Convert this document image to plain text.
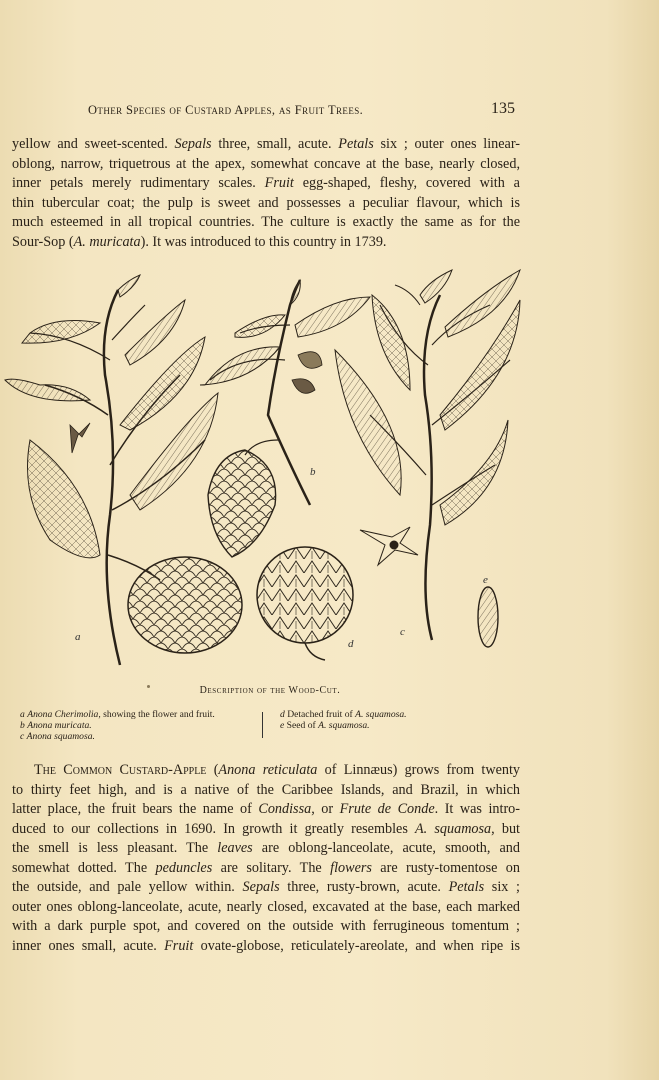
Other Species of Custard Apples, as Fruit Trees.	135
yellow and sweet-scented. Sepals three, small, acute. Petals six ; outer ones linear-
oblong, narrow, triquetrous at the apex, somewhat concave at the base, nearly closed,
inner petals merely rudimentary scales. Fruit egg-shaped, fleshy, covered with a
thin tubercular coat; the pulp is sweet and possesses a peculiar flavour, which is
much esteemed in all tropical countries. The culture is exactly the same as for the
Sour-Sop (A. muricata). It was introduced to this country in 1739.
a
b
c
d
e
Description of the Wood-Cut.
a Anona Cherimolia, showing the flower and fruit.
b Anona muricata.
c Anona squamosa.
d Detached fruit of A. squamosa.
e Seed of A. squamosa.
The Common Custard-Apple (Anona reticulata of Linnæus) grows from twenty
to thirty feet high, and is a native of the Caribbee Islands, and Brazil, in which
latter place, the fruit bears the name of Condissa, or Frute de Conde. It was intro-
duced to our collections in 1690. In growth it greatly resembles A. squamosa, but
the smell is less pleasant. The leaves are oblong-lanceolate, acute, smooth, and
somewhat dotted. The peduncles are solitary. The flowers are rusty-tomentose on
the outside, and pale yellow within. Sepals three, rusty-brown, acute. Petals six ;
outer ones oblong-lanceolate, acute, nearly closed, excavated at the base, each marked
with a dark purple spot, and covered on the outside with ferrugineous tomentum ;
inner ones small, acute. Fruit ovate-globose, reticulately-areolate, and when ripe is
